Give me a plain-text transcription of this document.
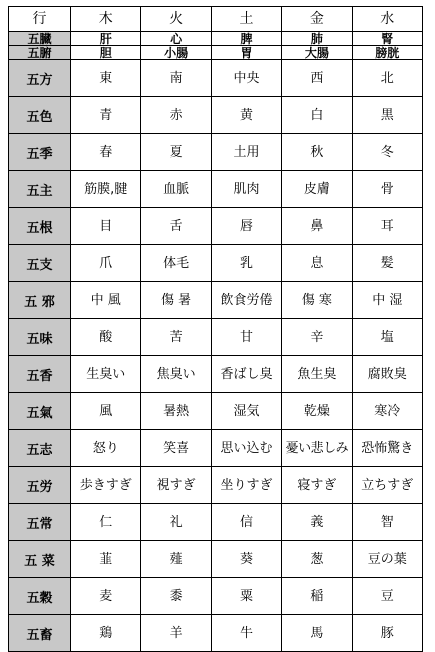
行	木	火	土	金	水
五臓	肝	心	脾	肺	腎
五腑	胆	小腸	胃	大腸	膀胱
五方	東	南	中央	西	北
五色	青	赤	黄	白	黒
五季	春	夏	土用	秋	冬
五主	筋膜,腱	血脈	肌肉	皮膚	骨
五根	目	舌	唇	鼻	耳
五支	爪	体毛	乳	息	髪
五 邪	中 風	傷 暑	飲食労倦	傷 寒	中 湿
五味	酸	苦	甘	辛	塩
五香	生臭い	焦臭い	香ばし臭	魚生臭	腐敗臭
五氣	風	暑熱	湿気	乾燥	寒冷
五志	怒り	笑喜	思い込む	憂い悲しみ	恐怖驚き
五労	歩きすぎ	視すぎ	坐りすぎ	寝すぎ	立ちすぎ
五常	仁	礼	信	義	智
五 菜	韮	薤	葵	葱	豆の葉
五穀	麦	黍	粟	稲	豆
五畜	鶏	羊	牛	馬	豚
